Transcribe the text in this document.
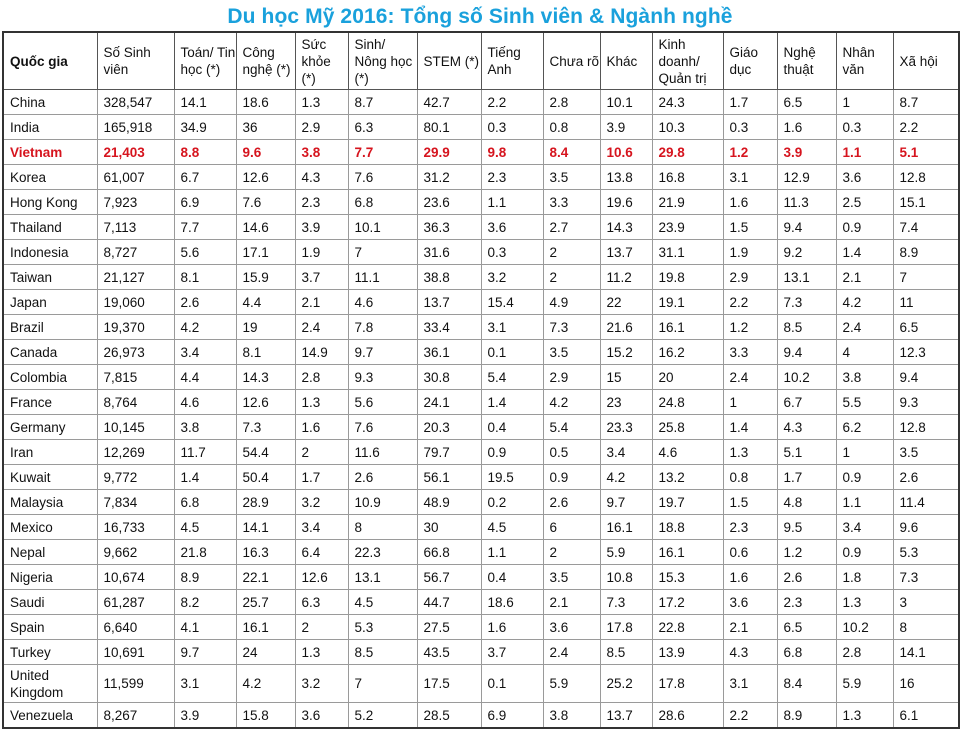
Du học Mỹ 2016: Tổng số Sinh viên & Ngành nghề
Quốc gia	Số Sinh viên	Toán/ Tin học (*)	Công nghệ (*)	Sức khỏe (*)	Sinh/ Nông học (*)	STEM (*)	Tiếng Anh	Chưa rõ	Khác	Kinh doanh/ Quản trị	Giáo dục	Nghệ thuật	Nhân văn	Xã hội
China	328,547	14.1	18.6	1.3	8.7	42.7	2.2	2.8	10.1	24.3	1.7	6.5	1	8.7
India	165,918	34.9	36	2.9	6.3	80.1	0.3	0.8	3.9	10.3	0.3	1.6	0.3	2.2
Vietnam	21,403	8.8	9.6	3.8	7.7	29.9	9.8	8.4	10.6	29.8	1.2	3.9	1.1	5.1
Korea	61,007	6.7	12.6	4.3	7.6	31.2	2.3	3.5	13.8	16.8	3.1	12.9	3.6	12.8
Hong Kong	7,923	6.9	7.6	2.3	6.8	23.6	1.1	3.3	19.6	21.9	1.6	11.3	2.5	15.1
Thailand	7,113	7.7	14.6	3.9	10.1	36.3	3.6	2.7	14.3	23.9	1.5	9.4	0.9	7.4
Indonesia	8,727	5.6	17.1	1.9	7	31.6	0.3	2	13.7	31.1	1.9	9.2	1.4	8.9
Taiwan	21,127	8.1	15.9	3.7	11.1	38.8	3.2	2	11.2	19.8	2.9	13.1	2.1	7
Japan	19,060	2.6	4.4	2.1	4.6	13.7	15.4	4.9	22	19.1	2.2	7.3	4.2	11
Brazil	19,370	4.2	19	2.4	7.8	33.4	3.1	7.3	21.6	16.1	1.2	8.5	2.4	6.5
Canada	26,973	3.4	8.1	14.9	9.7	36.1	0.1	3.5	15.2	16.2	3.3	9.4	4	12.3
Colombia	7,815	4.4	14.3	2.8	9.3	30.8	5.4	2.9	15	20	2.4	10.2	3.8	9.4
France	8,764	4.6	12.6	1.3	5.6	24.1	1.4	4.2	23	24.8	1	6.7	5.5	9.3
Germany	10,145	3.8	7.3	1.6	7.6	20.3	0.4	5.4	23.3	25.8	1.4	4.3	6.2	12.8
Iran	12,269	11.7	54.4	2	11.6	79.7	0.9	0.5	3.4	4.6	1.3	5.1	1	3.5
Kuwait	9,772	1.4	50.4	1.7	2.6	56.1	19.5	0.9	4.2	13.2	0.8	1.7	0.9	2.6
Malaysia	7,834	6.8	28.9	3.2	10.9	48.9	0.2	2.6	9.7	19.7	1.5	4.8	1.1	11.4
Mexico	16,733	4.5	14.1	3.4	8	30	4.5	6	16.1	18.8	2.3	9.5	3.4	9.6
Nepal	9,662	21.8	16.3	6.4	22.3	66.8	1.1	2	5.9	16.1	0.6	1.2	0.9	5.3
Nigeria	10,674	8.9	22.1	12.6	13.1	56.7	0.4	3.5	10.8	15.3	1.6	2.6	1.8	7.3
Saudi	61,287	8.2	25.7	6.3	4.5	44.7	18.6	2.1	7.3	17.2	3.6	2.3	1.3	3
Spain	6,640	4.1	16.1	2	5.3	27.5	1.6	3.6	17.8	22.8	2.1	6.5	10.2	8
Turkey	10,691	9.7	24	1.3	8.5	43.5	3.7	2.4	8.5	13.9	4.3	6.8	2.8	14.1
United Kingdom	11,599	3.1	4.2	3.2	7	17.5	0.1	5.9	25.2	17.8	3.1	8.4	5.9	16
Venezuela	8,267	3.9	15.8	3.6	5.2	28.5	6.9	3.8	13.7	28.6	2.2	8.9	1.3	6.1
